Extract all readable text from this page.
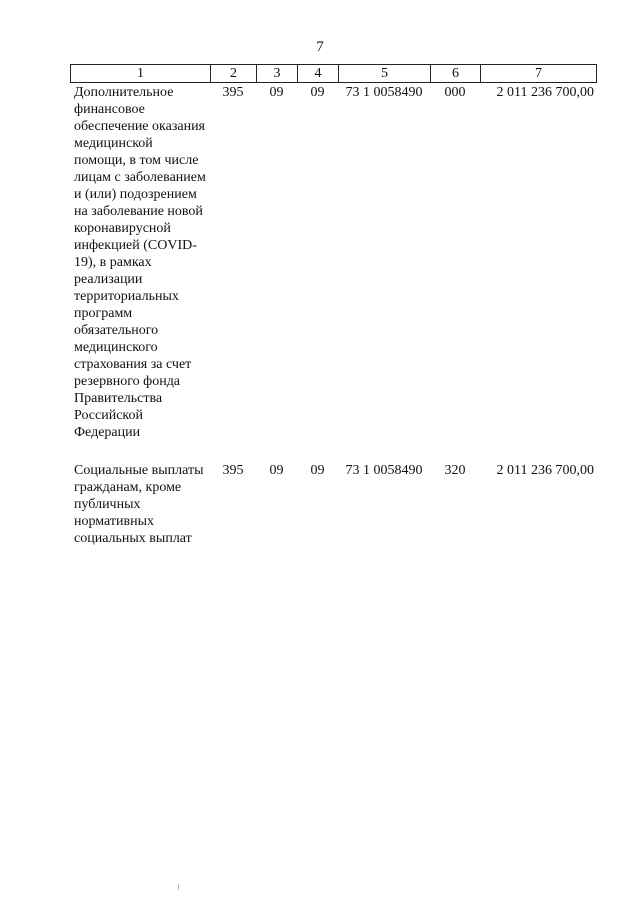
7
1	2	3	4	5	6	7
Дополнительное финансовое обеспечение оказания медицинской помощи, в том числе лицам с заболеванием и (или) подозрением на заболевание новой коронавирусной инфекцией (COVID-19), в рамках реализации территориальных программ обязательного медицинского страхования за счет резервного фонда Правительства Российской Федерации	395	09	09	73 1 0058490	000	2 011 236 700,00

Социальные выплаты гражданам, кроме публичных нормативных социальных выплат	395	09	09	73 1 0058490	320	2 011 236 700,00
